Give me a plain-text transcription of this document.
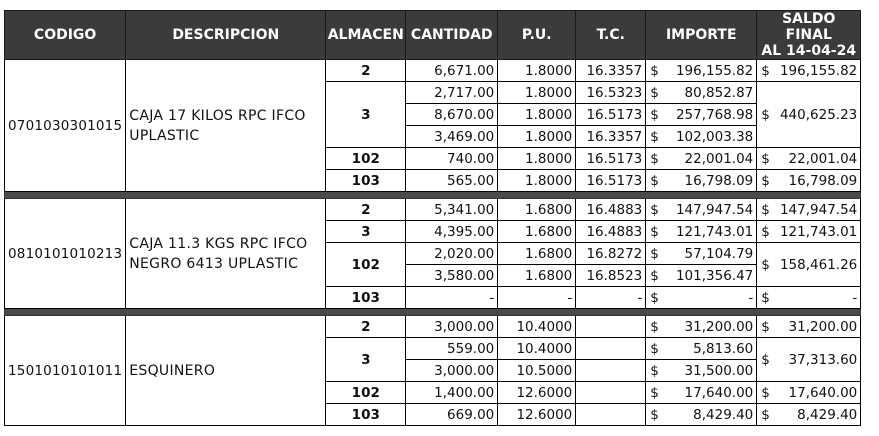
CODIGO	DESCRIPCION	ALMACEN	CANTIDAD	P.U.	T.C.	IMPORTE	SALDO FINAL
AL 14-04-24

0701030301015	CAJA 17 KILOS RPC IFCO UPLASTIC	2	6,671.00	1.8000	16.3357	$ 196,155.82	$ 196,155.82

		3	2,717.00	1.8000	16.5323	$ 80,852.87	$ 440,625.23

			8,670.00	1.8000	16.5173	$ 257,768.98	

			3,469.00	1.8000	16.3357	$ 102,003.38	

		102	740.00	1.8000	16.5173	$ 22,001.04	$ 22,001.04

		103	565.00	1.8000	16.5173	$ 16,798.09	$ 16,798.09

0810101010213	CAJA 11.3 KGS RPC IFCO NEGRO 6413 UPLASTIC	2	5,341.00	1.6800	16.4883	$ 147,947.54	$ 147,947.54

		3	4,395.00	1.6800	16.4883	$ 121,743.01	$ 121,743.01

		102	2,020.00	1.6800	16.8272	$ 57,104.79	$ 158,461.26

			3,580.00	1.6800	16.8523	$ 101,356.47	

		103	-	-	-	$ -	$ -

1501010101011	ESQUINERO	2	3,000.00	10.4000		$ 31,200.00	$ 31,200.00

		3	559.00	10.4000		$ 5,813.60	$ 37,313.60

			3,000.00	10.5000		$ 31,500.00	

		102	1,400.00	12.6000		$ 17,640.00	$ 17,640.00

		103	669.00	12.6000		$ 8,429.40	$ 8,429.40
